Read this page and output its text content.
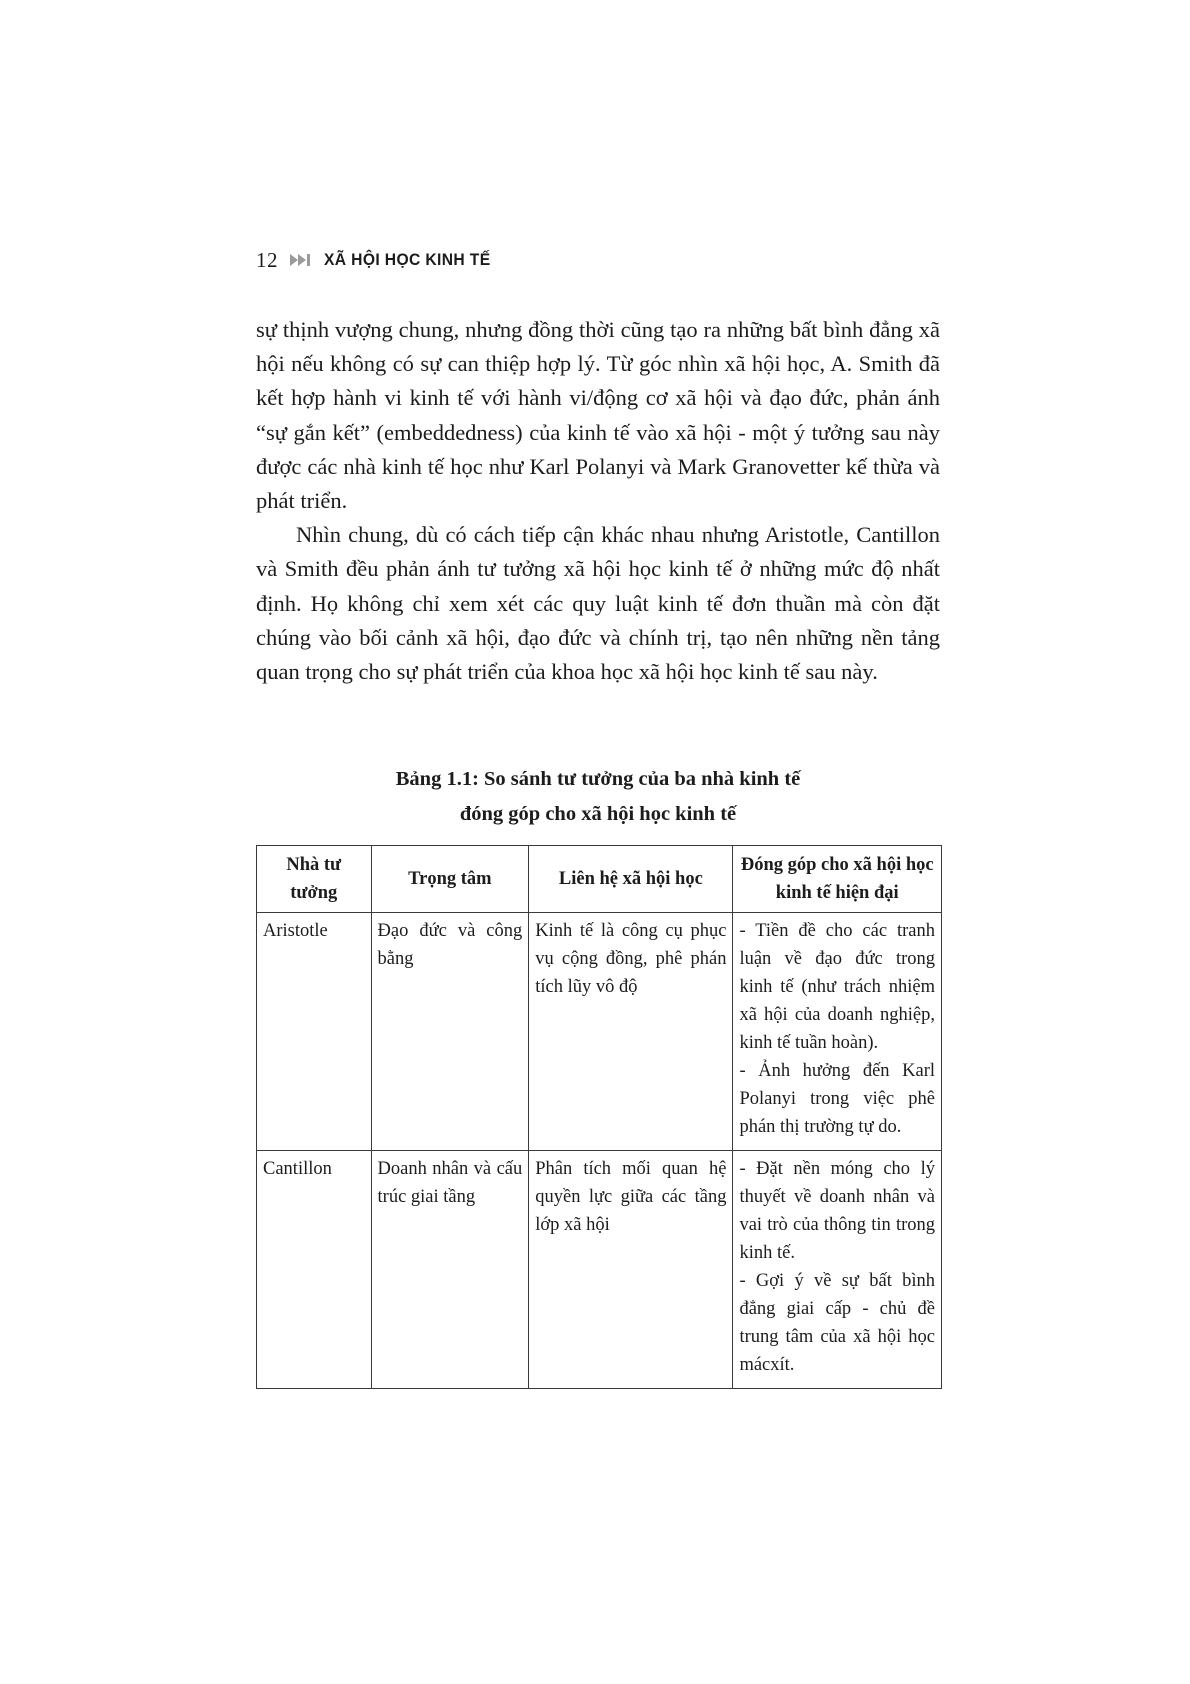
12	XÃ HỘI HỌC KINH TẾ

sự thịnh vượng chung, nhưng đồng thời cũng tạo ra những bất bình đẳng xã hội nếu không có sự can thiệp hợp lý. Từ góc nhìn xã hội học, A. Smith đã kết hợp hành vi kinh tế với hành vi/động cơ xã hội và đạo đức, phản ánh “sự gắn kết” (embeddedness) của kinh tế vào xã hội - một ý tưởng sau này được các nhà kinh tế học như Karl Polanyi và Mark Granovetter kế thừa và phát triển.

Nhìn chung, dù có cách tiếp cận khác nhau nhưng Aristotle, Cantillon và Smith đều phản ánh tư tưởng xã hội học kinh tế ở những mức độ nhất định. Họ không chỉ xem xét các quy luật kinh tế đơn thuần mà còn đặt chúng vào bối cảnh xã hội, đạo đức và chính trị, tạo nên những nền tảng quan trọng cho sự phát triển của khoa học xã hội học kinh tế sau này.

Bảng 1.1: So sánh tư tưởng của ba nhà kinh tế
đóng góp cho xã hội học kinh tế
Nhà tư tưởng	Trọng tâm	Liên hệ xã hội học	Đóng góp cho xã hội học kinh tế hiện đại
Aristotle	Đạo đức và công bằng	Kinh tế là công cụ phục vụ cộng đồng, phê phán tích lũy vô độ	- Tiền đề cho các tranh luận về đạo đức trong kinh tế (như trách nhiệm xã hội của doanh nghiệp, kinh tế tuần hoàn).
- Ảnh hưởng đến Karl Polanyi trong việc phê phán thị trường tự do.

Cantillon	Doanh nhân và cấu trúc giai tầng	Phân tích mối quan hệ quyền lực giữa các tầng lớp xã hội	- Đặt nền móng cho lý thuyết về doanh nhân và vai trò của thông tin trong kinh tế.
- Gợi ý về sự bất bình đẳng giai cấp - chủ đề trung tâm của xã hội học mácxít.
